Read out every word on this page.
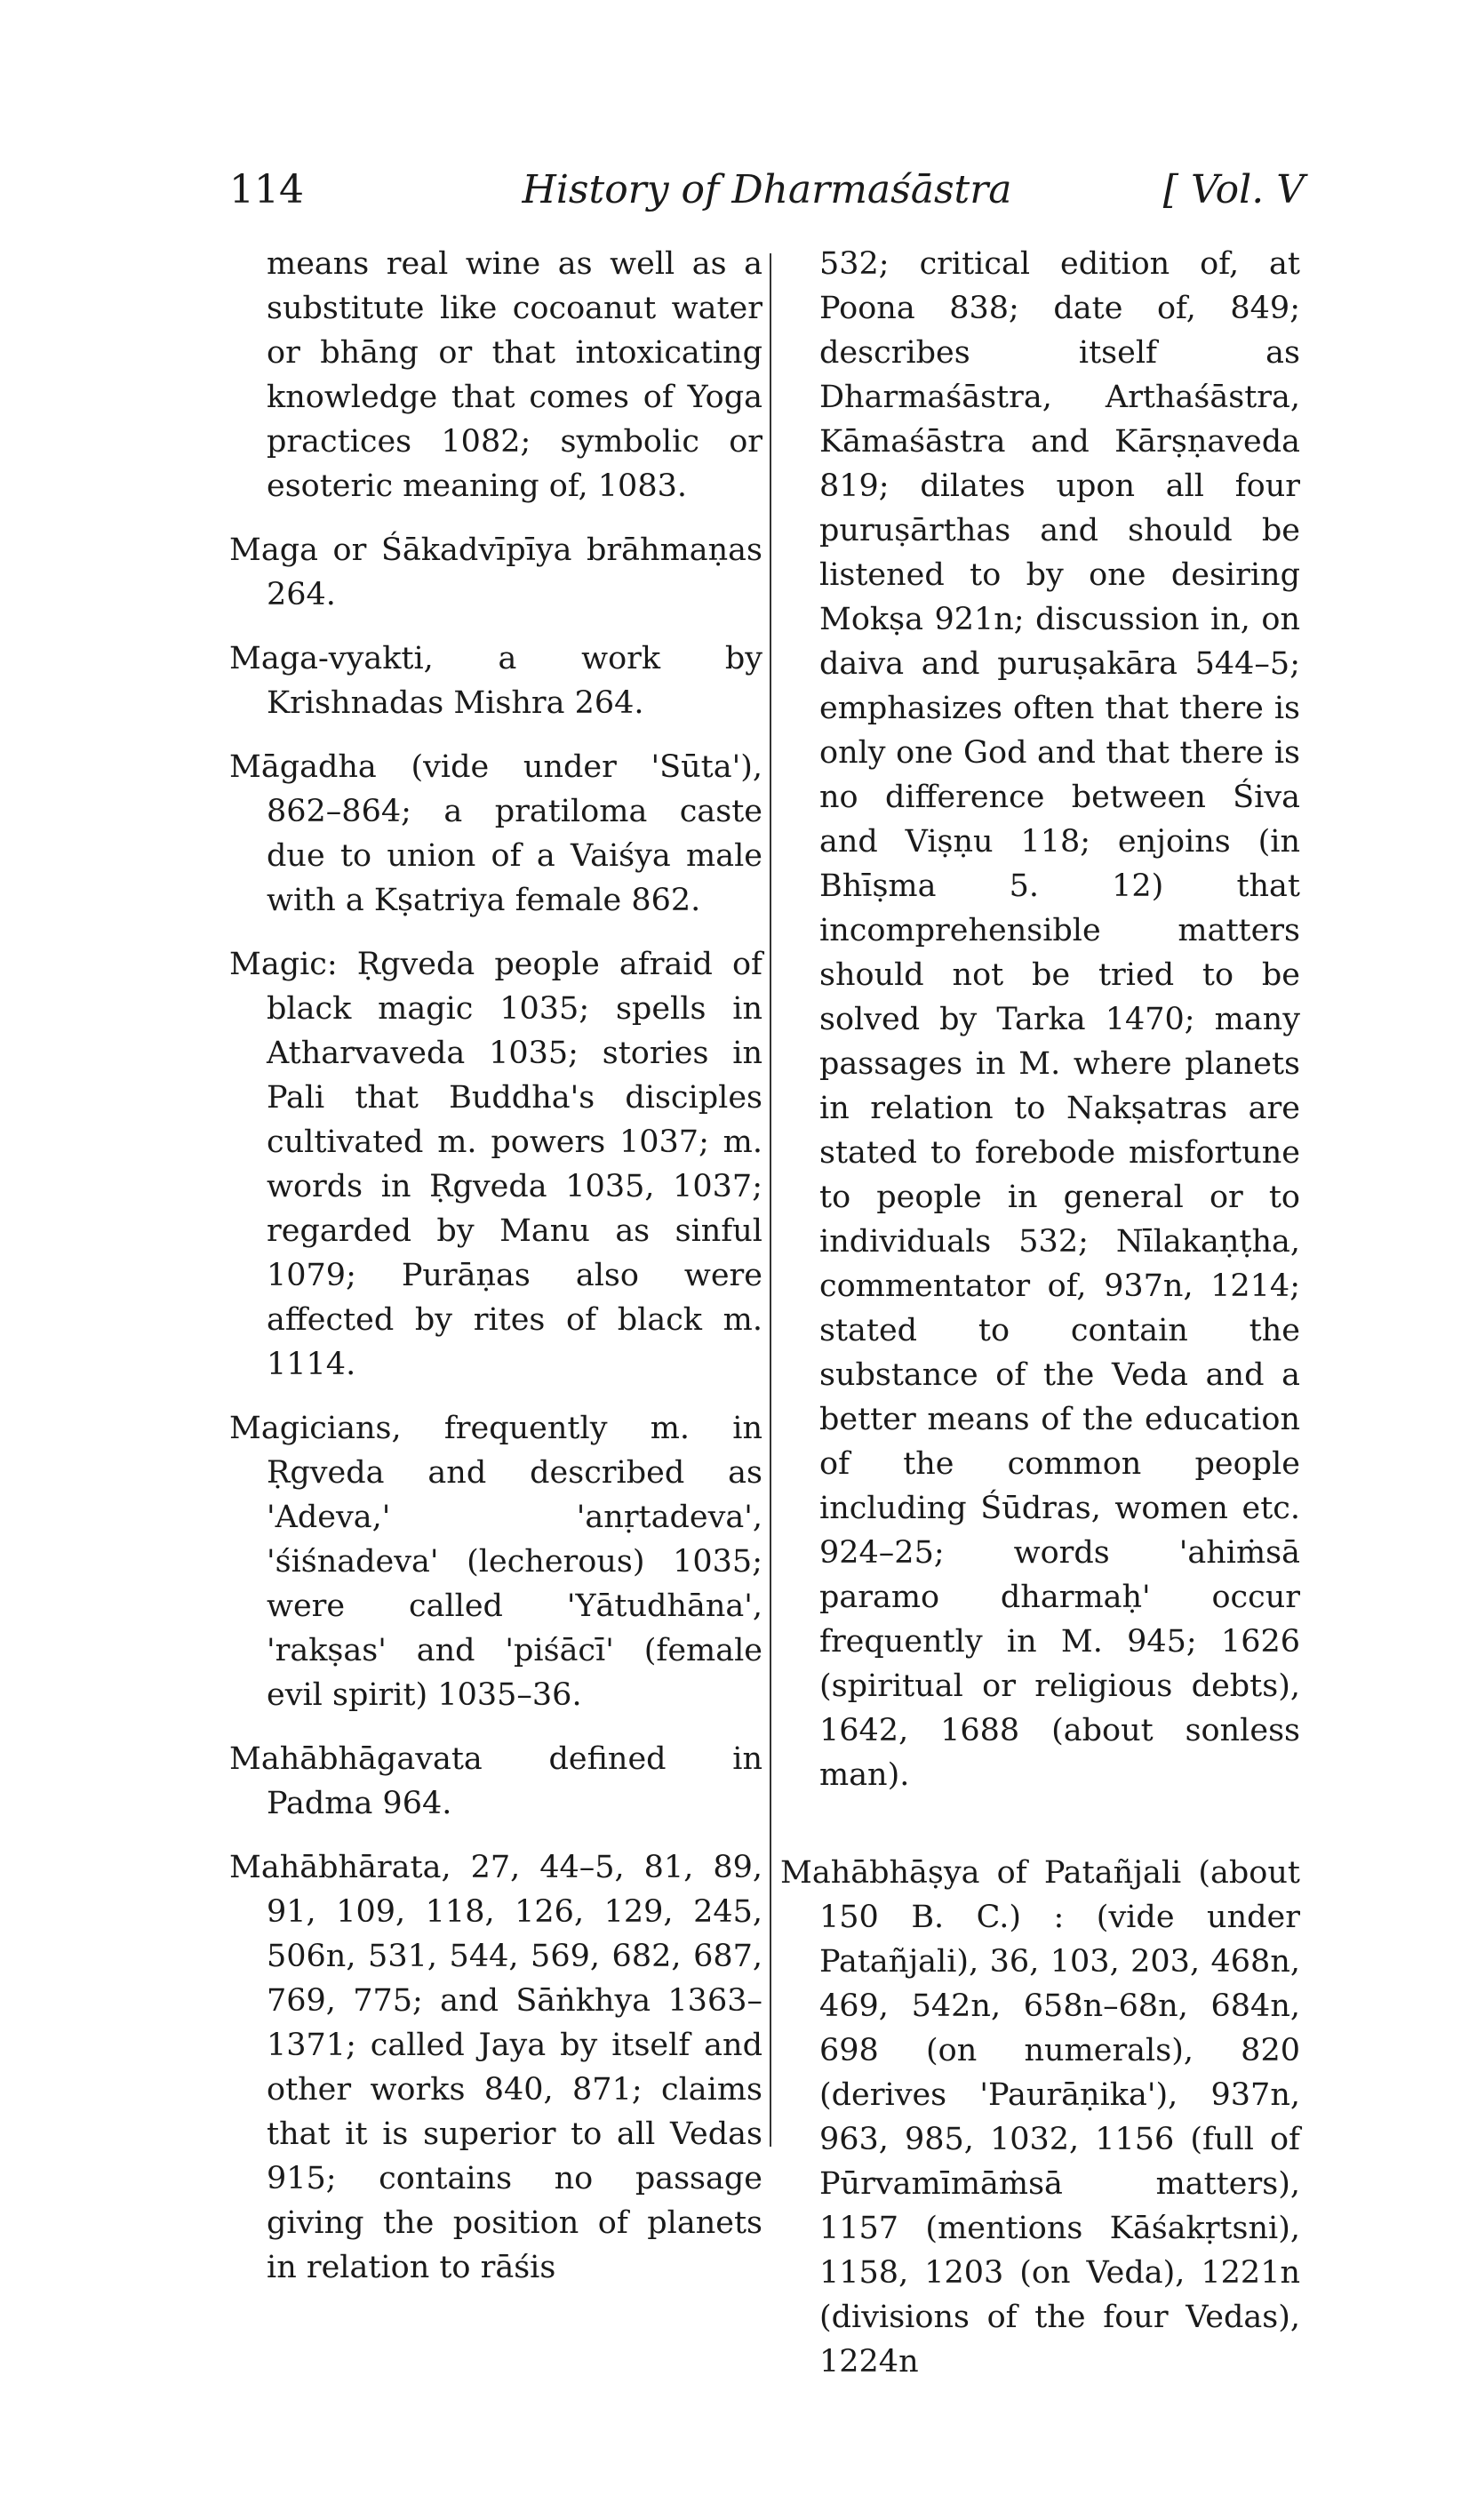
114	History of Dharmaśāstra	[ Vol. V
means real wine as well as a substitute like cocoanut water or bhāng or that intoxicating knowledge that comes of Yoga practices 1082; symbolic or esoteric meaning of, 1083.
Maga or Śākadvīpīya brāhmaṇas 264.
Maga-vyakti, a work by Krishnadas Mishra 264.
Māgadha (vide under 'Sūta'), 862–864; a pratiloma caste due to union of a Vaiśya male with a Kṣatriya female 862.
Magic: Ṛgveda people afraid of black magic 1035; spells in Atharvaveda 1035; stories in Pali that Buddha's disciples cultivated m. powers 1037; m. words in Ṛgveda 1035, 1037; regarded by Manu as sinful 1079; Purāṇas also were affected by rites of black m. 1114.
Magicians, frequently m. in Ṛgveda and described as 'Adeva,' 'anṛtadeva', 'śiśnadeva' (lecherous) 1035; were called 'Yātudhāna', 'rakṣas' and 'piśācī' (female evil spirit) 1035–36.
Mahābhāgavata defined in Padma 964.
Mahābhārata, 27, 44–5, 81, 89, 91, 109, 118, 126, 129, 245, 506n, 531, 544, 569, 682, 687, 769, 775; and Sāṅkhya 1363–1371; called Jaya by itself and other works 840, 871; claims that it is superior to all Vedas 915; contains no passage giving the position of planets in relation to rāśis
532; critical edition of, at Poona 838; date of, 849; describes itself as Dharmaśāstra, Arthaśāstra, Kāmaśāstra and Kārṣṇaveda 819; dilates upon all four puruṣārthas and should be listened to by one desiring Mokṣa 921n; discussion in, on daiva and puruṣakāra 544–5; emphasizes often that there is only one God and that there is no difference between Śiva and Viṣṇu 118; enjoins (in Bhīṣma 5. 12) that incomprehensible matters should not be tried to be solved by Tarka 1470; many passages in M. where planets in relation to Nakṣatras are stated to forebode misfortune to people in general or to individuals 532; Nīlakaṇṭha, commentator of, 937n, 1214; stated to contain the substance of the Veda and a better means of the education of the common people including Śūdras, women etc. 924–25; words 'ahiṁsā paramo dharmaḥ' occur frequently in M. 945; 1626 (spiritual or religious debts), 1642, 1688 (about sonless man).
Mahābhāṣya of Patañjali (about 150 B. C.) : (vide under Patañjali), 36, 103, 203, 468n, 469, 542n, 658n–68n, 684n, 698 (on numerals), 820 (derives 'Paurāṇika'), 937n, 963, 985, 1032, 1156 (full of Pūrvamīmāṁsā matters), 1157 (mentions Kāśakṛtsni), 1158, 1203 (on Veda), 1221n (divisions of the four Vedas), 1224n
